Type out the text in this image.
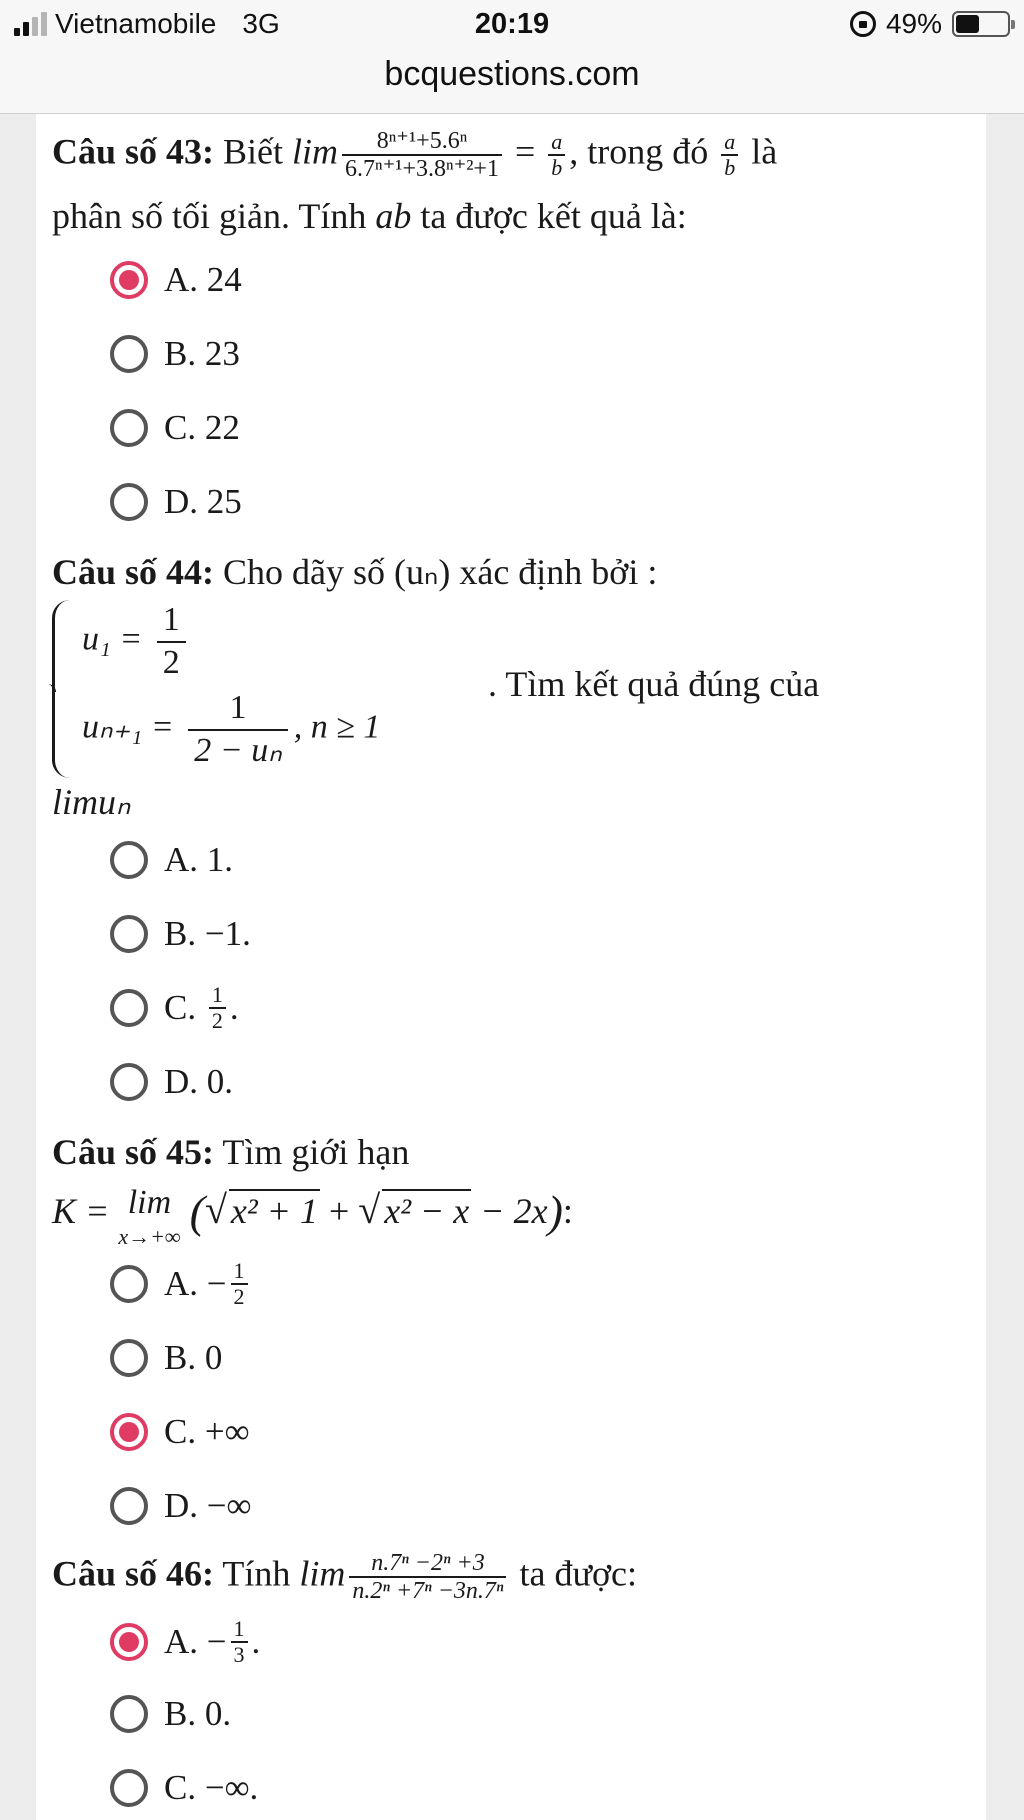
Vietnamobile 3G	20:19	49%
bcquestions.com
Câu số 43: Biết $\lim \frac{\text{8ⁿ⁺¹+5.6ⁿ}}{\text{6.7ⁿ⁺¹+3.8ⁿ⁺²+1}} = \frac{a}{b}$ , trong đó $\frac{a}{b}$ là
phân số tối giản. Tính ab ta được kết quả là:
A. 24
B. 23
C. 22
D. 25
Câu số 44: Cho dãy số (uₙ) xác định bởi :
$u_1 = \frac{1}{2}$
$u_{n+1} = \frac{1}{\text{2 − uₙ}}$ , n ≥ 1
. Tìm kết quả đúng của
limuₙ
A. 1.
B. −1.
C.
$\frac{1}{2}$ .
D. 0.
Câu số 45: Tìm giới hạn
K = lim
x→+∞ (√ x² + 1 + √ x² − x − 2x):
A. − $\frac{1}{2}$
B. 0
C. +∞
D. −∞
Câu số 46: Tính $\lim \frac{\text{n.7ⁿ −2ⁿ +3}}{\text{n.2ⁿ +7ⁿ −3n.7ⁿ}}$ ta được:
A. − $\frac{1}{3}$ .
B. 0.
C. −∞.
